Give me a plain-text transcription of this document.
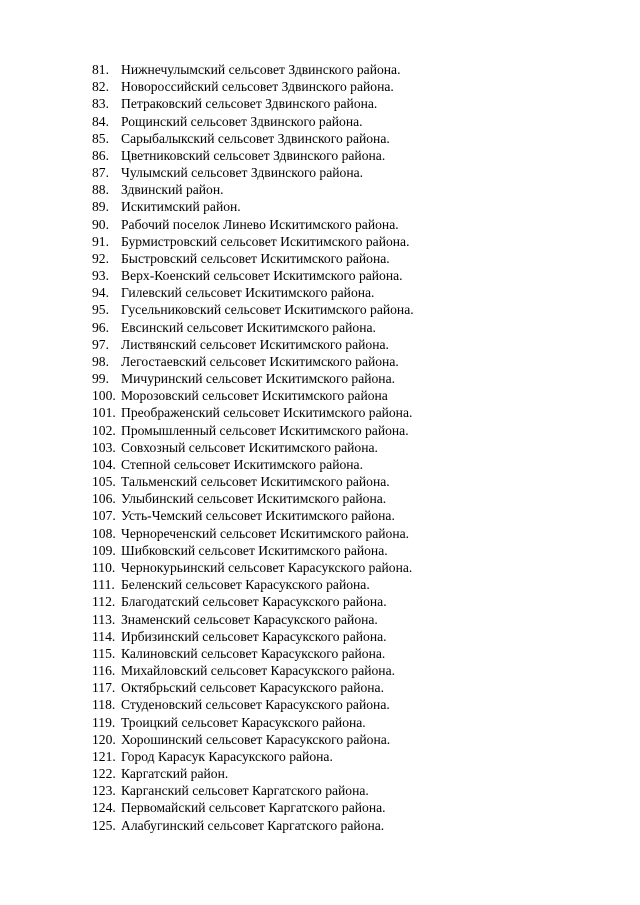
81. Нижнечулымский сельсовет Здвинского района.
82. Новороссийский сельсовет Здвинского района.
83. Петраковский сельсовет Здвинского района.
84. Рощинский сельсовет Здвинского района.
85. Сарыбалыкский сельсовет Здвинского района.
86. Цветниковский сельсовет Здвинского района.
87. Чулымский сельсовет Здвинского района.
88. Здвинский район.
89. Искитимский район.
90. Рабочий поселок Линево Искитимского района.
91. Бурмистровский сельсовет Искитимского района.
92. Быстровский сельсовет Искитимского района.
93. Верх-Коенский сельсовет Искитимского района.
94. Гилевский сельсовет Искитимского района.
95. Гусельниковский сельсовет Искитимского района.
96. Евсинский сельсовет Искитимского района.
97. Листвянский сельсовет Искитимского района.
98. Легостаевский сельсовет Искитимского района.
99. Мичуринский сельсовет Искитимского района.
100. Морозовский сельсовет Искитимского района
101. Преображенский сельсовет Искитимского района.
102. Промышленный сельсовет Искитимского района.
103. Совхозный сельсовет Искитимского района.
104. Степной сельсовет Искитимского района.
105. Тальменский сельсовет Искитимского района.
106. Улыбинский сельсовет Искитимского района.
107. Усть-Чемский сельсовет Искитимского района.
108. Чернореченский сельсовет Искитимского района.
109. Шибковский сельсовет Искитимского района.
110. Чернокурьинский сельсовет Карасукского района.
111. Беленский сельсовет Карасукского района.
112. Благодатский сельсовет Карасукского района.
113. Знаменский сельсовет Карасукского района.
114. Ирбизинский сельсовет Карасукского района.
115. Калиновский сельсовет Карасукского района.
116. Михайловский сельсовет Карасукского района.
117. Октябрьский сельсовет Карасукского района.
118. Студеновский сельсовет Карасукского района.
119. Троицкий сельсовет Карасукского района.
120. Хорошинский сельсовет Карасукского района.
121. Город Карасук Карасукского района.
122. Каргатский район.
123. Карганский сельсовет Каргатского района.
124. Первомайский сельсовет Каргатского района.
125. Алабугинский сельсовет Каргатского района.
